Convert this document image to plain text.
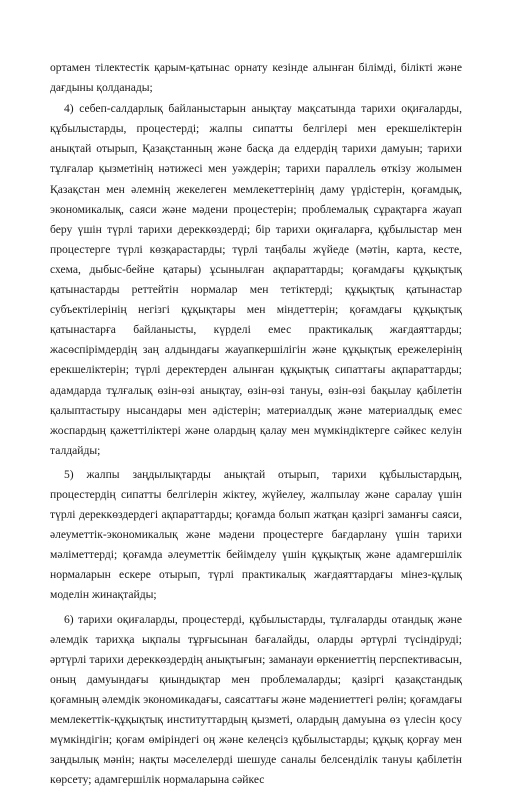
ортамен тілектестік қарым-қатынас орнату кезінде алынған білімді, білікті және дағдыны қолданады;

4) себеп-салдарлық байланыстарын анықтау мақсатында тарихи оқиғаларды, құбылыстарды, процестерді; жалпы сипатты белгілері мен ерекшеліктерін анықтай отырып, Қазақстанның және басқа да елдердің тарихи дамуын; тарихи тұлғалар қызметінің нәтижесі мен уәждерін; тарихи параллель өткізу жолымен Қазақстан мен әлемнің жекелеген мемлекеттерінің даму үрдістерін, қоғамдық, экономикалық, саяси және мәдени процестерін; проблемалық сұрақтарға жауап беру үшін түрлі тарихи дереккөздерді; бір тарихи оқиғаларға, құбылыстар мен процестерге түрлі көзқарастарды; түрлі таңбалы жүйеде (мәтін, карта, кесте, схема, дыбыс-бейне қатары) ұсынылған ақпараттарды; қоғамдағы құқықтық қатынастарды реттейтін нормалар мен тетіктерді; құқықтық қатынастар субъектілерінің негізгі құқықтары мен міндеттерін; қоғамдағы құқықтық қатынастарға байланысты, күрделі емес практикалық жағдаяттарды; жасөспірімдердің заң алдындағы жауапкершілігін және құқықтық ережелерінің ерекшеліктерін; түрлі деректерден алынған құқықтық сипаттағы ақпараттарды; адамдарда тұлғалық өзін-өзі анықтау, өзін-өзі тануы, өзін-өзі бақылау қабілетін қалыптастыру нысандары мен әдістерін; материалдық және материалдық емес жоспардың қажеттіліктері және олардың қалау мен мүмкіндіктерге сәйкес келуін талдайды;

5) жалпы заңдылықтарды анықтай отырып, тарихи құбылыстардың, процестердің сипатты белгілерін жіктеу, жүйелеу, жалпылау және саралау үшін түрлі дереккөздердегі ақпараттарды; қоғамда болып жатқан қазіргі заманғы саяси, әлеуметтік-экономикалық және мәдени процестерге бағдарлану үшін тарихи мәліметтерді; қоғамда әлеуметтік бейімделу үшін құқықтық және адамгершілік нормаларын ескере отырып, түрлі практикалық жағдаяттардағы мінез-құлық моделін жинақтайды;

6) тарихи оқиғаларды, процестерді, құбылыстарды, тұлғаларды отандық және әлемдік тарихқа ықпалы тұрғысынан бағалайды, оларды әртүрлі түсіндіруді; әртүрлі тарихи дереккөздердің анықтығын; заманауи өркениеттің перспективасын, оның дамуындағы қиындықтар мен проблемаларды; қазіргі қазақстандық қоғамның әлемдік экономикадағы, саясаттағы және мәдениеттегі рөлін; қоғамдағы мемлекеттік-құқықтық институттардың қызметі, олардың дамуына өз үлесін қосу мүмкіндігін; қоғам өміріндегі оң және келеңсіз құбылыстарды; құқық қорғау мен заңдылық мәнін; нақты мәселелерді шешуде саналы белсенділік тануы қабілетін көрсету; адамгершілік нормаларына сәйкес
